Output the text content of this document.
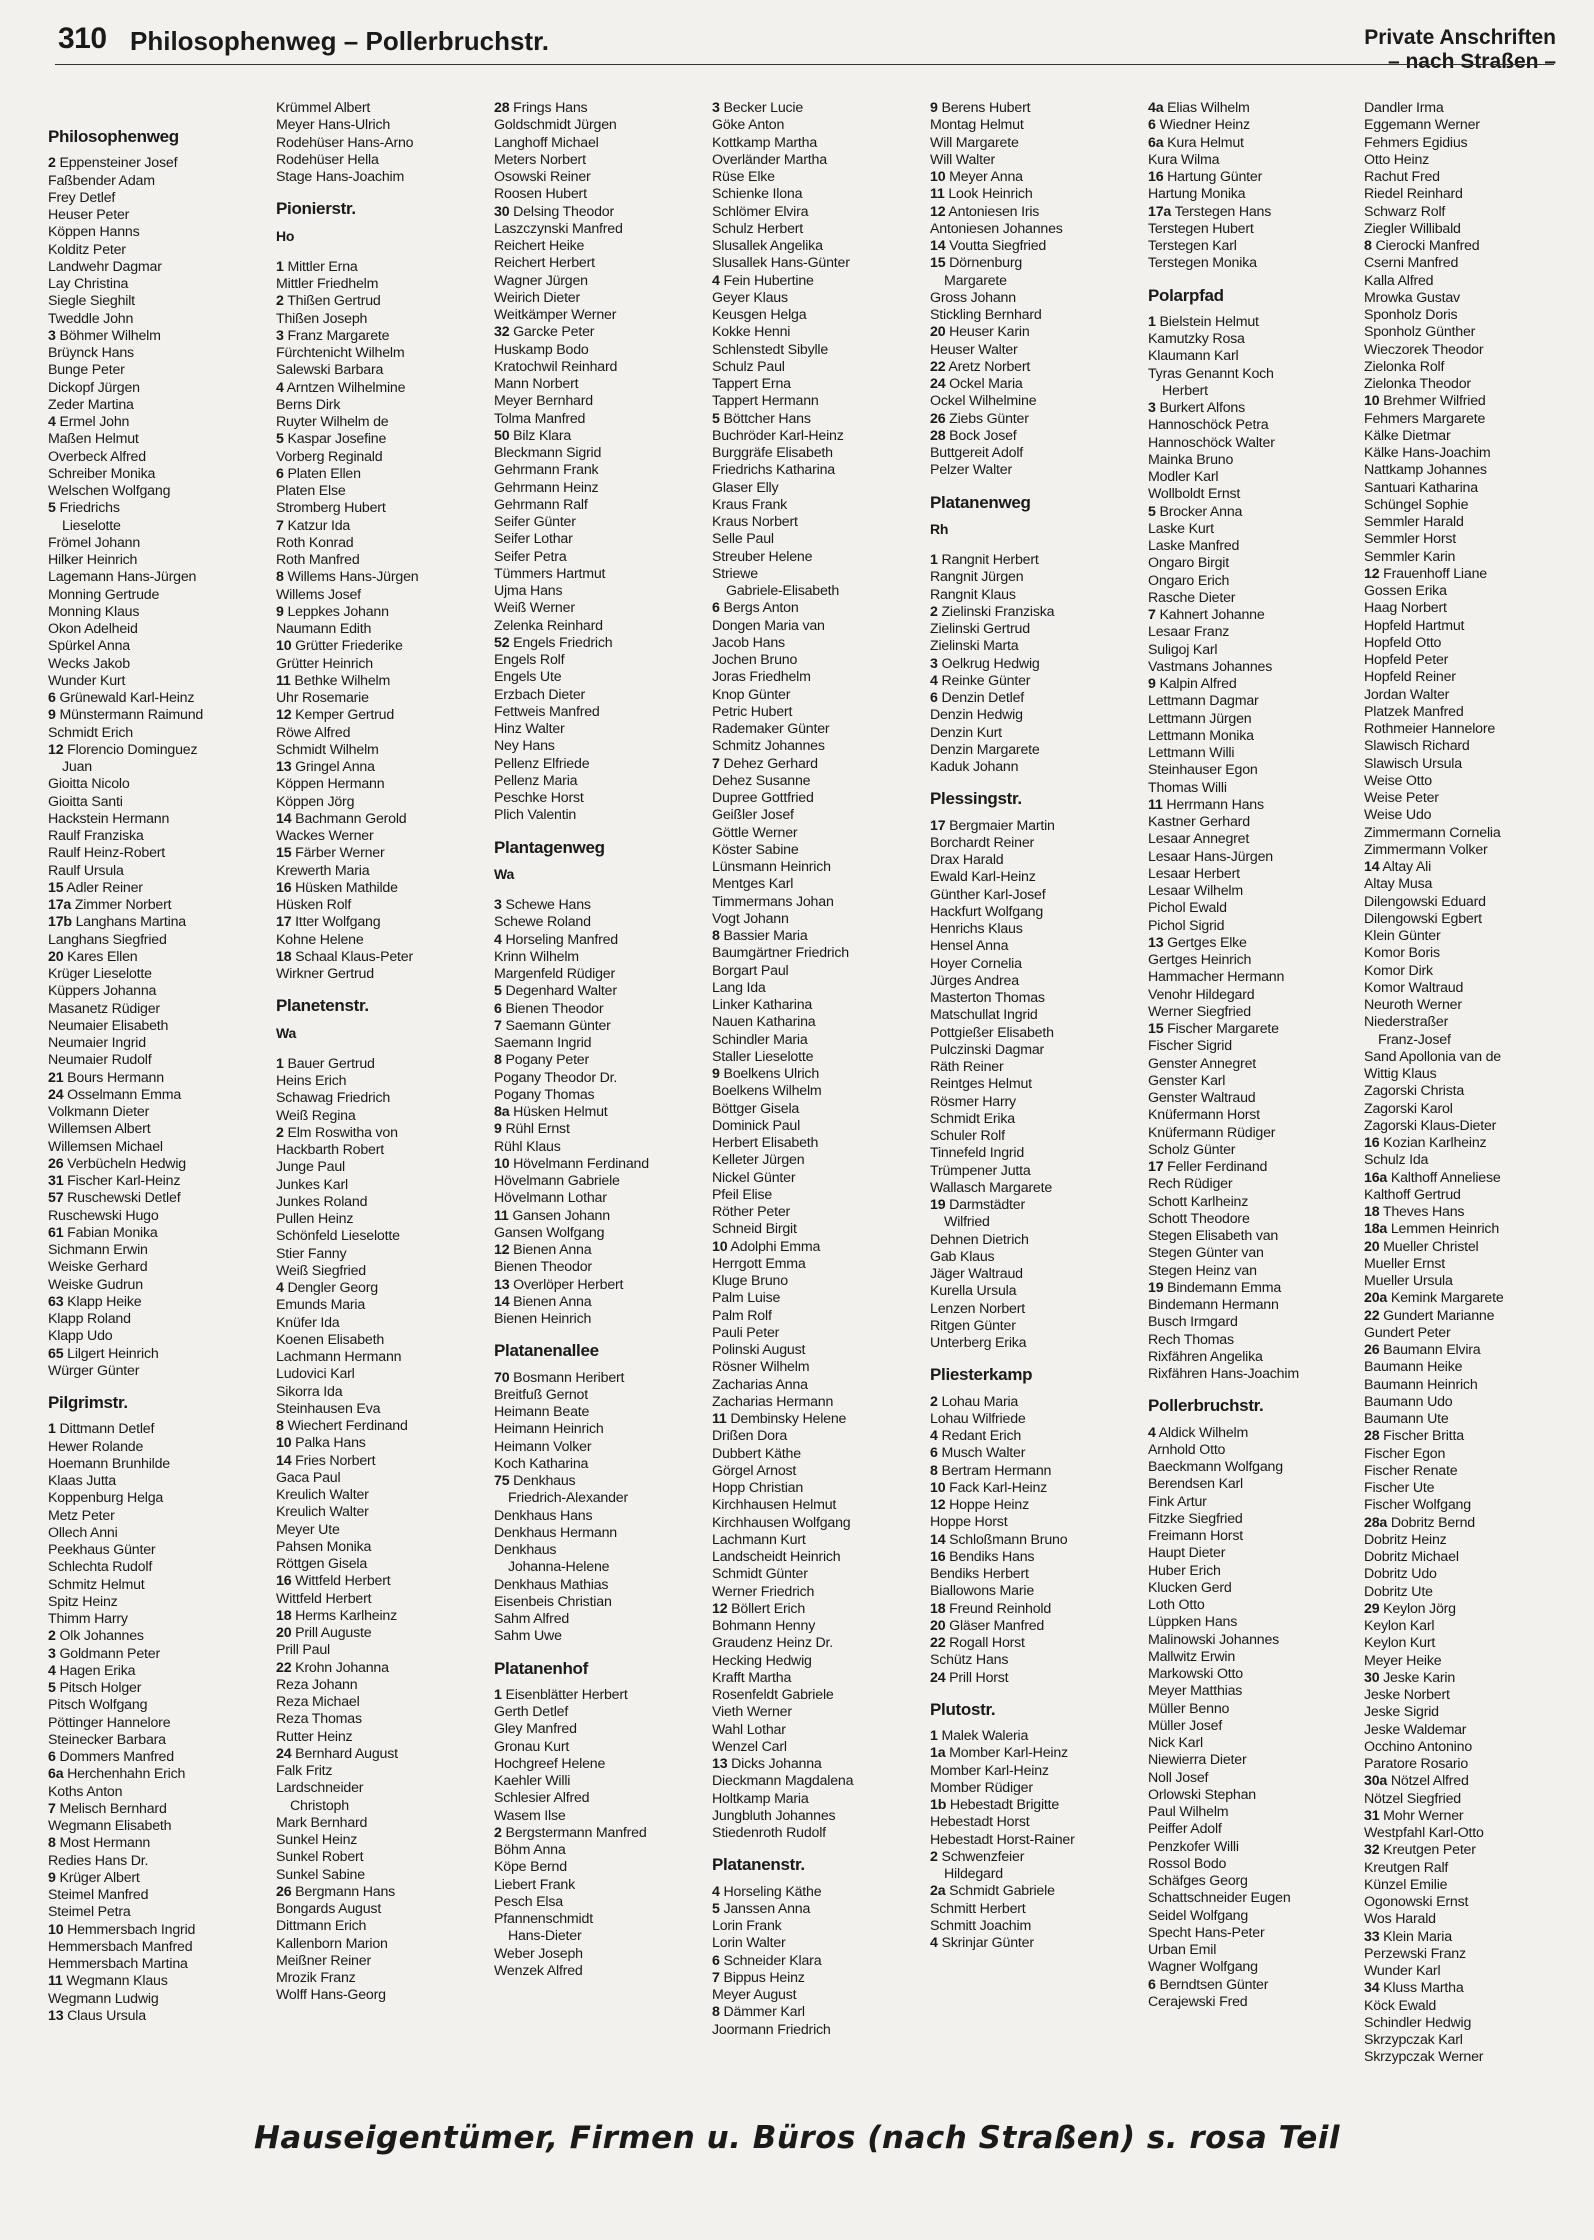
310 Philosophenweg – Pollerbruchstr.	Private Anschriften
– nach Straßen –
Philosophenweg
2 Eppensteiner Josef
Faßbender Adam
Frey Detlef
Heuser Peter
Köppen Hanns
Kolditz Peter
Landwehr Dagmar
Lay Christina
Siegle Sieghilt
Tweddle John
3 Böhmer Wilhelm
Brüynck Hans
Bunge Peter
Dickopf Jürgen
Zeder Martina
4 Ermel John
Maßen Helmut
Overbeck Alfred
Schreiber Monika
Welschen Wolfgang
5 Friedrichs
Lieselotte
Frömel Johann
Hilker Heinrich
Lagemann Hans-Jürgen
Monning Gertrude
Monning Klaus
Okon Adelheid
Spürkel Anna
Wecks Jakob
Wunder Kurt
6 Grünewald Karl-Heinz
9 Münstermann Raimund
Schmidt Erich
12 Florencio Dominguez
Juan
Gioitta Nicolo
Gioitta Santi
Hackstein Hermann
Raulf Franziska
Raulf Heinz-Robert
Raulf Ursula
15 Adler Reiner
17a Zimmer Norbert
17b Langhans Martina
Langhans Siegfried
20 Kares Ellen
Krüger Lieselotte
Küppers Johanna
Masanetz Rüdiger
Neumaier Elisabeth
Neumaier Ingrid
Neumaier Rudolf
21 Bours Hermann
24 Osselmann Emma
Volkmann Dieter
Willemsen Albert
Willemsen Michael
26 Verbücheln Hedwig
31 Fischer Karl-Heinz
57 Ruschewski Detlef
Ruschewski Hugo
61 Fabian Monika
Sichmann Erwin
Weiske Gerhard
Weiske Gudrun
63 Klapp Heike
Klapp Roland
Klapp Udo
65 Lilgert Heinrich
Würger Günter
Pilgrimstr.
1 Dittmann Detlef
Hewer Rolande
Hoemann Brunhilde
Klaas Jutta
Koppenburg Helga
Metz Peter
Ollech Anni
Peekhaus Günter
Schlechta Rudolf
Schmitz Helmut
Spitz Heinz
Thimm Harry
2 Olk Johannes
3 Goldmann Peter
4 Hagen Erika
5 Pitsch Holger
Pitsch Wolfgang
Pöttinger Hannelore
Steinecker Barbara
6 Dommers Manfred
6a Herchenhahn Erich
Koths Anton
7 Melisch Bernhard
Wegmann Elisabeth
8 Most Hermann
Redies Hans Dr.
9 Krüger Albert
Steimel Manfred
Steimel Petra
10 Hemmersbach Ingrid
Hemmersbach Manfred
Hemmersbach Martina
11 Wegmann Klaus
Wegmann Ludwig
13 Claus Ursula
Krümmel Albert
Meyer Hans-Ulrich
Rodehüser Hans-Arno
Rodehüser Hella
Stage Hans-Joachim
Pionierstr.
Ho
1 Mittler Erna
Mittler Friedhelm
2 Thißen Gertrud
Thißen Joseph
3 Franz Margarete
Fürchtenicht Wilhelm
Salewski Barbara
4 Arntzen Wilhelmine
Berns Dirk
Ruyter Wilhelm de
5 Kaspar Josefine
Vorberg Reginald
6 Platen Ellen
Platen Else
Stromberg Hubert
7 Katzur Ida
Roth Konrad
Roth Manfred
8 Willems Hans-Jürgen
Willems Josef
9 Leppkes Johann
Naumann Edith
10 Grütter Friederike
Grütter Heinrich
11 Bethke Wilhelm
Uhr Rosemarie
12 Kemper Gertrud
Röwe Alfred
Schmidt Wilhelm
13 Gringel Anna
Köppen Hermann
Köppen Jörg
14 Bachmann Gerold
Wackes Werner
15 Färber Werner
Krewerth Maria
16 Hüsken Mathilde
Hüsken Rolf
17 Itter Wolfgang
Kohne Helene
18 Schaal Klaus-Peter
Wirkner Gertrud
Planetenstr.
Wa
1 Bauer Gertrud
Heins Erich
Schawag Friedrich
Weiß Regina
2 Elm Roswitha von
Hackbarth Robert
Junge Paul
Junkes Karl
Junkes Roland
Pullen Heinz
Schönfeld Lieselotte
Stier Fanny
Weiß Siegfried
4 Dengler Georg
Emunds Maria
Knüfer Ida
Koenen Elisabeth
Lachmann Hermann
Ludovici Karl
Sikorra Ida
Steinhausen Eva
8 Wiechert Ferdinand
10 Palka Hans
14 Fries Norbert
Gaca Paul
Kreulich Walter
Kreulich Walter
Meyer Ute
Pahsen Monika
Röttgen Gisela
16 Wittfeld Herbert
Wittfeld Herbert
18 Herms Karlheinz
20 Prill Auguste
Prill Paul
22 Krohn Johanna
Reza Johann
Reza Michael
Reza Thomas
Rutter Heinz
24 Bernhard August
Falk Fritz
Lardschneider
Christoph
Mark Bernhard
Sunkel Heinz
Sunkel Robert
Sunkel Sabine
26 Bergmann Hans
Bongards August
Dittmann Erich
Kallenborn Marion
Meißner Reiner
Mrozik Franz
Wolff Hans-Georg
28 Frings Hans
Goldschmidt Jürgen
Langhoff Michael
Meters Norbert
Osowski Reiner
Roosen Hubert
30 Delsing Theodor
Laszczynski Manfred
Reichert Heike
Reichert Herbert
Wagner Jürgen
Weirich Dieter
Weitkämper Werner
32 Garcke Peter
Huskamp Bodo
Kratochwil Reinhard
Mann Norbert
Meyer Bernhard
Tolma Manfred
50 Bilz Klara
Bleckmann Sigrid
Gehrmann Frank
Gehrmann Heinz
Gehrmann Ralf
Seifer Günter
Seifer Lothar
Seifer Petra
Tümmers Hartmut
Ujma Hans
Weiß Werner
Zelenka Reinhard
52 Engels Friedrich
Engels Rolf
Engels Ute
Erzbach Dieter
Fettweis Manfred
Hinz Walter
Ney Hans
Pellenz Elfriede
Pellenz Maria
Peschke Horst
Plich Valentin
Plantagenweg
Wa
3 Schewe Hans
Schewe Roland
4 Horseling Manfred
Krinn Wilhelm
Margenfeld Rüdiger
5 Degenhard Walter
6 Bienen Theodor
7 Saemann Günter
Saemann Ingrid
8 Pogany Peter
Pogany Theodor Dr.
Pogany Thomas
8a Hüsken Helmut
9 Rühl Ernst
Rühl Klaus
10 Hövelmann Ferdinand
Hövelmann Gabriele
Hövelmann Lothar
11 Gansen Johann
Gansen Wolfgang
12 Bienen Anna
Bienen Theodor
13 Overlöper Herbert
14 Bienen Anna
Bienen Heinrich
Platanenallee
70 Bosmann Heribert
Breitfuß Gernot
Heimann Beate
Heimann Heinrich
Heimann Volker
Koch Katharina
75 Denkhaus
Friedrich-Alexander
Denkhaus Hans
Denkhaus Hermann
Denkhaus
Johanna-Helene
Denkhaus Mathias
Eisenbeis Christian
Sahm Alfred
Sahm Uwe
Platanenhof
1 Eisenblätter Herbert
Gerth Detlef
Gley Manfred
Gronau Kurt
Hochgreef Helene
Kaehler Willi
Schlesier Alfred
Wasem Ilse
2 Bergstermann Manfred
Böhm Anna
Köpe Bernd
Liebert Frank
Pesch Elsa
Pfannenschmidt
Hans-Dieter
Weber Joseph
Wenzek Alfred
3 Becker Lucie
Göke Anton
Kottkamp Martha
Overländer Martha
Rüse Elke
Schienke Ilona
Schlömer Elvira
Schulz Herbert
Slusallek Angelika
Slusallek Hans-Günter
4 Fein Hubertine
Geyer Klaus
Keusgen Helga
Kokke Henni
Schlenstedt Sibylle
Schulz Paul
Tappert Erna
Tappert Hermann
5 Böttcher Hans
Buchröder Karl-Heinz
Burggräfe Elisabeth
Friedrichs Katharina
Glaser Elly
Kraus Frank
Kraus Norbert
Selle Paul
Streuber Helene
Striewe
Gabriele-Elisabeth
6 Bergs Anton
Dongen Maria van
Jacob Hans
Jochen Bruno
Joras Friedhelm
Knop Günter
Petric Hubert
Rademaker Günter
Schmitz Johannes
7 Dehez Gerhard
Dehez Susanne
Dupree Gottfried
Geißler Josef
Göttle Werner
Köster Sabine
Lünsmann Heinrich
Mentges Karl
Timmermans Johan
Vogt Johann
8 Bassier Maria
Baumgärtner Friedrich
Borgart Paul
Lang Ida
Linker Katharina
Nauen Katharina
Schindler Maria
Staller Lieselotte
9 Boelkens Ulrich
Boelkens Wilhelm
Böttger Gisela
Dominick Paul
Herbert Elisabeth
Kelleter Jürgen
Nickel Günter
Pfeil Elise
Röther Peter
Schneid Birgit
10 Adolphi Emma
Herrgott Emma
Kluge Bruno
Palm Luise
Palm Rolf
Pauli Peter
Polinski August
Rösner Wilhelm
Zacharias Anna
Zacharias Hermann
11 Dembinsky Helene
Drißen Dora
Dubbert Käthe
Görgel Arnost
Hopp Christian
Kirchhausen Helmut
Kirchhausen Wolfgang
Lachmann Kurt
Landscheidt Heinrich
Schmidt Günter
Werner Friedrich
12 Böllert Erich
Bohmann Henny
Graudenz Heinz Dr.
Hecking Hedwig
Krafft Martha
Rosenfeldt Gabriele
Vieth Werner
Wahl Lothar
Wenzel Carl
13 Dicks Johanna
Dieckmann Magdalena
Holtkamp Maria
Jungbluth Johannes
Stiedenroth Rudolf
Platanenstr.
4 Horseling Käthe
5 Janssen Anna
Lorin Frank
Lorin Walter
6 Schneider Klara
7 Bippus Heinz
Meyer August
8 Dämmer Karl
Joormann Friedrich
9 Berens Hubert
Montag Helmut
Will Margarete
Will Walter
10 Meyer Anna
11 Look Heinrich
12 Antoniesen Iris
Antoniesen Johannes
14 Voutta Siegfried
15 Dörnenburg
Margarete
Gross Johann
Stickling Bernhard
20 Heuser Karin
Heuser Walter
22 Aretz Norbert
24 Ockel Maria
Ockel Wilhelmine
26 Ziebs Günter
28 Bock Josef
Buttgereit Adolf
Pelzer Walter
Platanenweg
Rh
1 Rangnit Herbert
Rangnit Jürgen
Rangnit Klaus
2 Zielinski Franziska
Zielinski Gertrud
Zielinski Marta
3 Oelkrug Hedwig
4 Reinke Günter
6 Denzin Detlef
Denzin Hedwig
Denzin Kurt
Denzin Margarete
Kaduk Johann
Plessingstr.
17 Bergmaier Martin
Borchardt Reiner
Drax Harald
Ewald Karl-Heinz
Günther Karl-Josef
Hackfurt Wolfgang
Henrichs Klaus
Hensel Anna
Hoyer Cornelia
Jürges Andrea
Masterton Thomas
Matschullat Ingrid
Pottgießer Elisabeth
Pulczinski Dagmar
Räth Reiner
Reintges Helmut
Rösmer Harry
Schmidt Erika
Schuler Rolf
Tinnefeld Ingrid
Trümpener Jutta
Wallasch Margarete
19 Darmstädter
Wilfried
Dehnen Dietrich
Gab Klaus
Jäger Waltraud
Kurella Ursula
Lenzen Norbert
Ritgen Günter
Unterberg Erika
Pliesterkamp
2 Lohau Maria
Lohau Wilfriede
4 Redant Erich
6 Musch Walter
8 Bertram Hermann
10 Fack Karl-Heinz
12 Hoppe Heinz
Hoppe Horst
14 Schloßmann Bruno
16 Bendiks Hans
Bendiks Herbert
Biallowons Marie
18 Freund Reinhold
20 Gläser Manfred
22 Rogall Horst
Schütz Hans
24 Prill Horst
Plutostr.
1 Malek Waleria
1a Momber Karl-Heinz
Momber Karl-Heinz
Momber Rüdiger
1b Hebestadt Brigitte
Hebestadt Horst
Hebestadt Horst-Rainer
2 Schwenzfeier
Hildegard
2a Schmidt Gabriele
Schmitt Herbert
Schmitt Joachim
4 Skrinjar Günter
4a Elias Wilhelm
6 Wiedner Heinz
6a Kura Helmut
Kura Wilma
16 Hartung Günter
Hartung Monika
17a Terstegen Hans
Terstegen Hubert
Terstegen Karl
Terstegen Monika
Polarpfad
1 Bielstein Helmut
Kamutzky Rosa
Klaumann Karl
Tyras Genannt Koch
Herbert
3 Burkert Alfons
Hannoschöck Petra
Hannoschöck Walter
Mainka Bruno
Modler Karl
Wollboldt Ernst
5 Brocker Anna
Laske Kurt
Laske Manfred
Ongaro Birgit
Ongaro Erich
Rasche Dieter
7 Kahnert Johanne
Lesaar Franz
Suligoj Karl
Vastmans Johannes
9 Kalpin Alfred
Lettmann Dagmar
Lettmann Jürgen
Lettmann Monika
Lettmann Willi
Steinhauser Egon
Thomas Willi
11 Herrmann Hans
Kastner Gerhard
Lesaar Annegret
Lesaar Hans-Jürgen
Lesaar Herbert
Lesaar Wilhelm
Pichol Ewald
Pichol Sigrid
13 Gertges Elke
Gertges Heinrich
Hammacher Hermann
Venohr Hildegard
Werner Siegfried
15 Fischer Margarete
Fischer Sigrid
Genster Annegret
Genster Karl
Genster Waltraud
Knüfermann Horst
Knüfermann Rüdiger
Scholz Günter
17 Feller Ferdinand
Rech Rüdiger
Schott Karlheinz
Schott Theodore
Stegen Elisabeth van
Stegen Günter van
Stegen Heinz van
19 Bindemann Emma
Bindemann Hermann
Busch Irmgard
Rech Thomas
Rixfähren Angelika
Rixfähren Hans-Joachim
Pollerbruchstr.
4 Aldick Wilhelm
Arnhold Otto
Baeckmann Wolfgang
Berendsen Karl
Fink Artur
Fitzke Siegfried
Freimann Horst
Haupt Dieter
Huber Erich
Klucken Gerd
Loth Otto
Lüppken Hans
Malinowski Johannes
Mallwitz Erwin
Markowski Otto
Meyer Matthias
Müller Benno
Müller Josef
Nick Karl
Niewierra Dieter
Noll Josef
Orlowski Stephan
Paul Wilhelm
Peiffer Adolf
Penzkofer Willi
Rossol Bodo
Schäfges Georg
Schattschneider Eugen
Seidel Wolfgang
Specht Hans-Peter
Urban Emil
Wagner Wolfgang
6 Berndtsen Günter
Cerajewski Fred
Dandler Irma
Eggemann Werner
Fehmers Egidius
Otto Heinz
Rachut Fred
Riedel Reinhard
Schwarz Rolf
Ziegler Willibald
8 Cierocki Manfred
Cserni Manfred
Kalla Alfred
Mrowka Gustav
Sponholz Doris
Sponholz Günther
Wieczorek Theodor
Zielonka Rolf
Zielonka Theodor
10 Brehmer Wilfried
Fehmers Margarete
Kälke Dietmar
Kälke Hans-Joachim
Nattkamp Johannes
Santuari Katharina
Schüngel Sophie
Semmler Harald
Semmler Horst
Semmler Karin
12 Frauenhoff Liane
Gossen Erika
Haag Norbert
Hopfeld Hartmut
Hopfeld Otto
Hopfeld Peter
Hopfeld Reiner
Jordan Walter
Platzek Manfred
Rothmeier Hannelore
Slawisch Richard
Slawisch Ursula
Weise Otto
Weise Peter
Weise Udo
Zimmermann Cornelia
Zimmermann Volker
14 Altay Ali
Altay Musa
Dilengowski Eduard
Dilengowski Egbert
Klein Günter
Komor Boris
Komor Dirk
Komor Waltraud
Neuroth Werner
Niederstraßer
Franz-Josef
Sand Apollonia van de
Wittig Klaus
Zagorski Christa
Zagorski Karol
Zagorski Klaus-Dieter
16 Kozian Karlheinz
Schulz Ida
16a Kalthoff Anneliese
Kalthoff Gertrud
18 Theves Hans
18a Lemmen Heinrich
20 Mueller Christel
Mueller Ernst
Mueller Ursula
20a Kemink Margarete
22 Gundert Marianne
Gundert Peter
26 Baumann Elvira
Baumann Heike
Baumann Heinrich
Baumann Udo
Baumann Ute
28 Fischer Britta
Fischer Egon
Fischer Renate
Fischer Ute
Fischer Wolfgang
28a Dobritz Bernd
Dobritz Heinz
Dobritz Michael
Dobritz Udo
Dobritz Ute
29 Keylon Jörg
Keylon Karl
Keylon Kurt
Meyer Heike
30 Jeske Karin
Jeske Norbert
Jeske Sigrid
Jeske Waldemar
Occhino Antonino
Paratore Rosario
30a Nötzel Alfred
Nötzel Siegfried
31 Mohr Werner
Westpfahl Karl-Otto
32 Kreutgen Peter
Kreutgen Ralf
Künzel Emilie
Ogonowski Ernst
Wos Harald
33 Klein Maria
Perzewski Franz
Wunder Karl
34 Kluss Martha
Köck Ewald
Schindler Hedwig
Skrzypczak Karl
Skrzypczak Werner
Hauseigentümer, Firmen u. Büros (nach Straßen) s. rosa Teil
